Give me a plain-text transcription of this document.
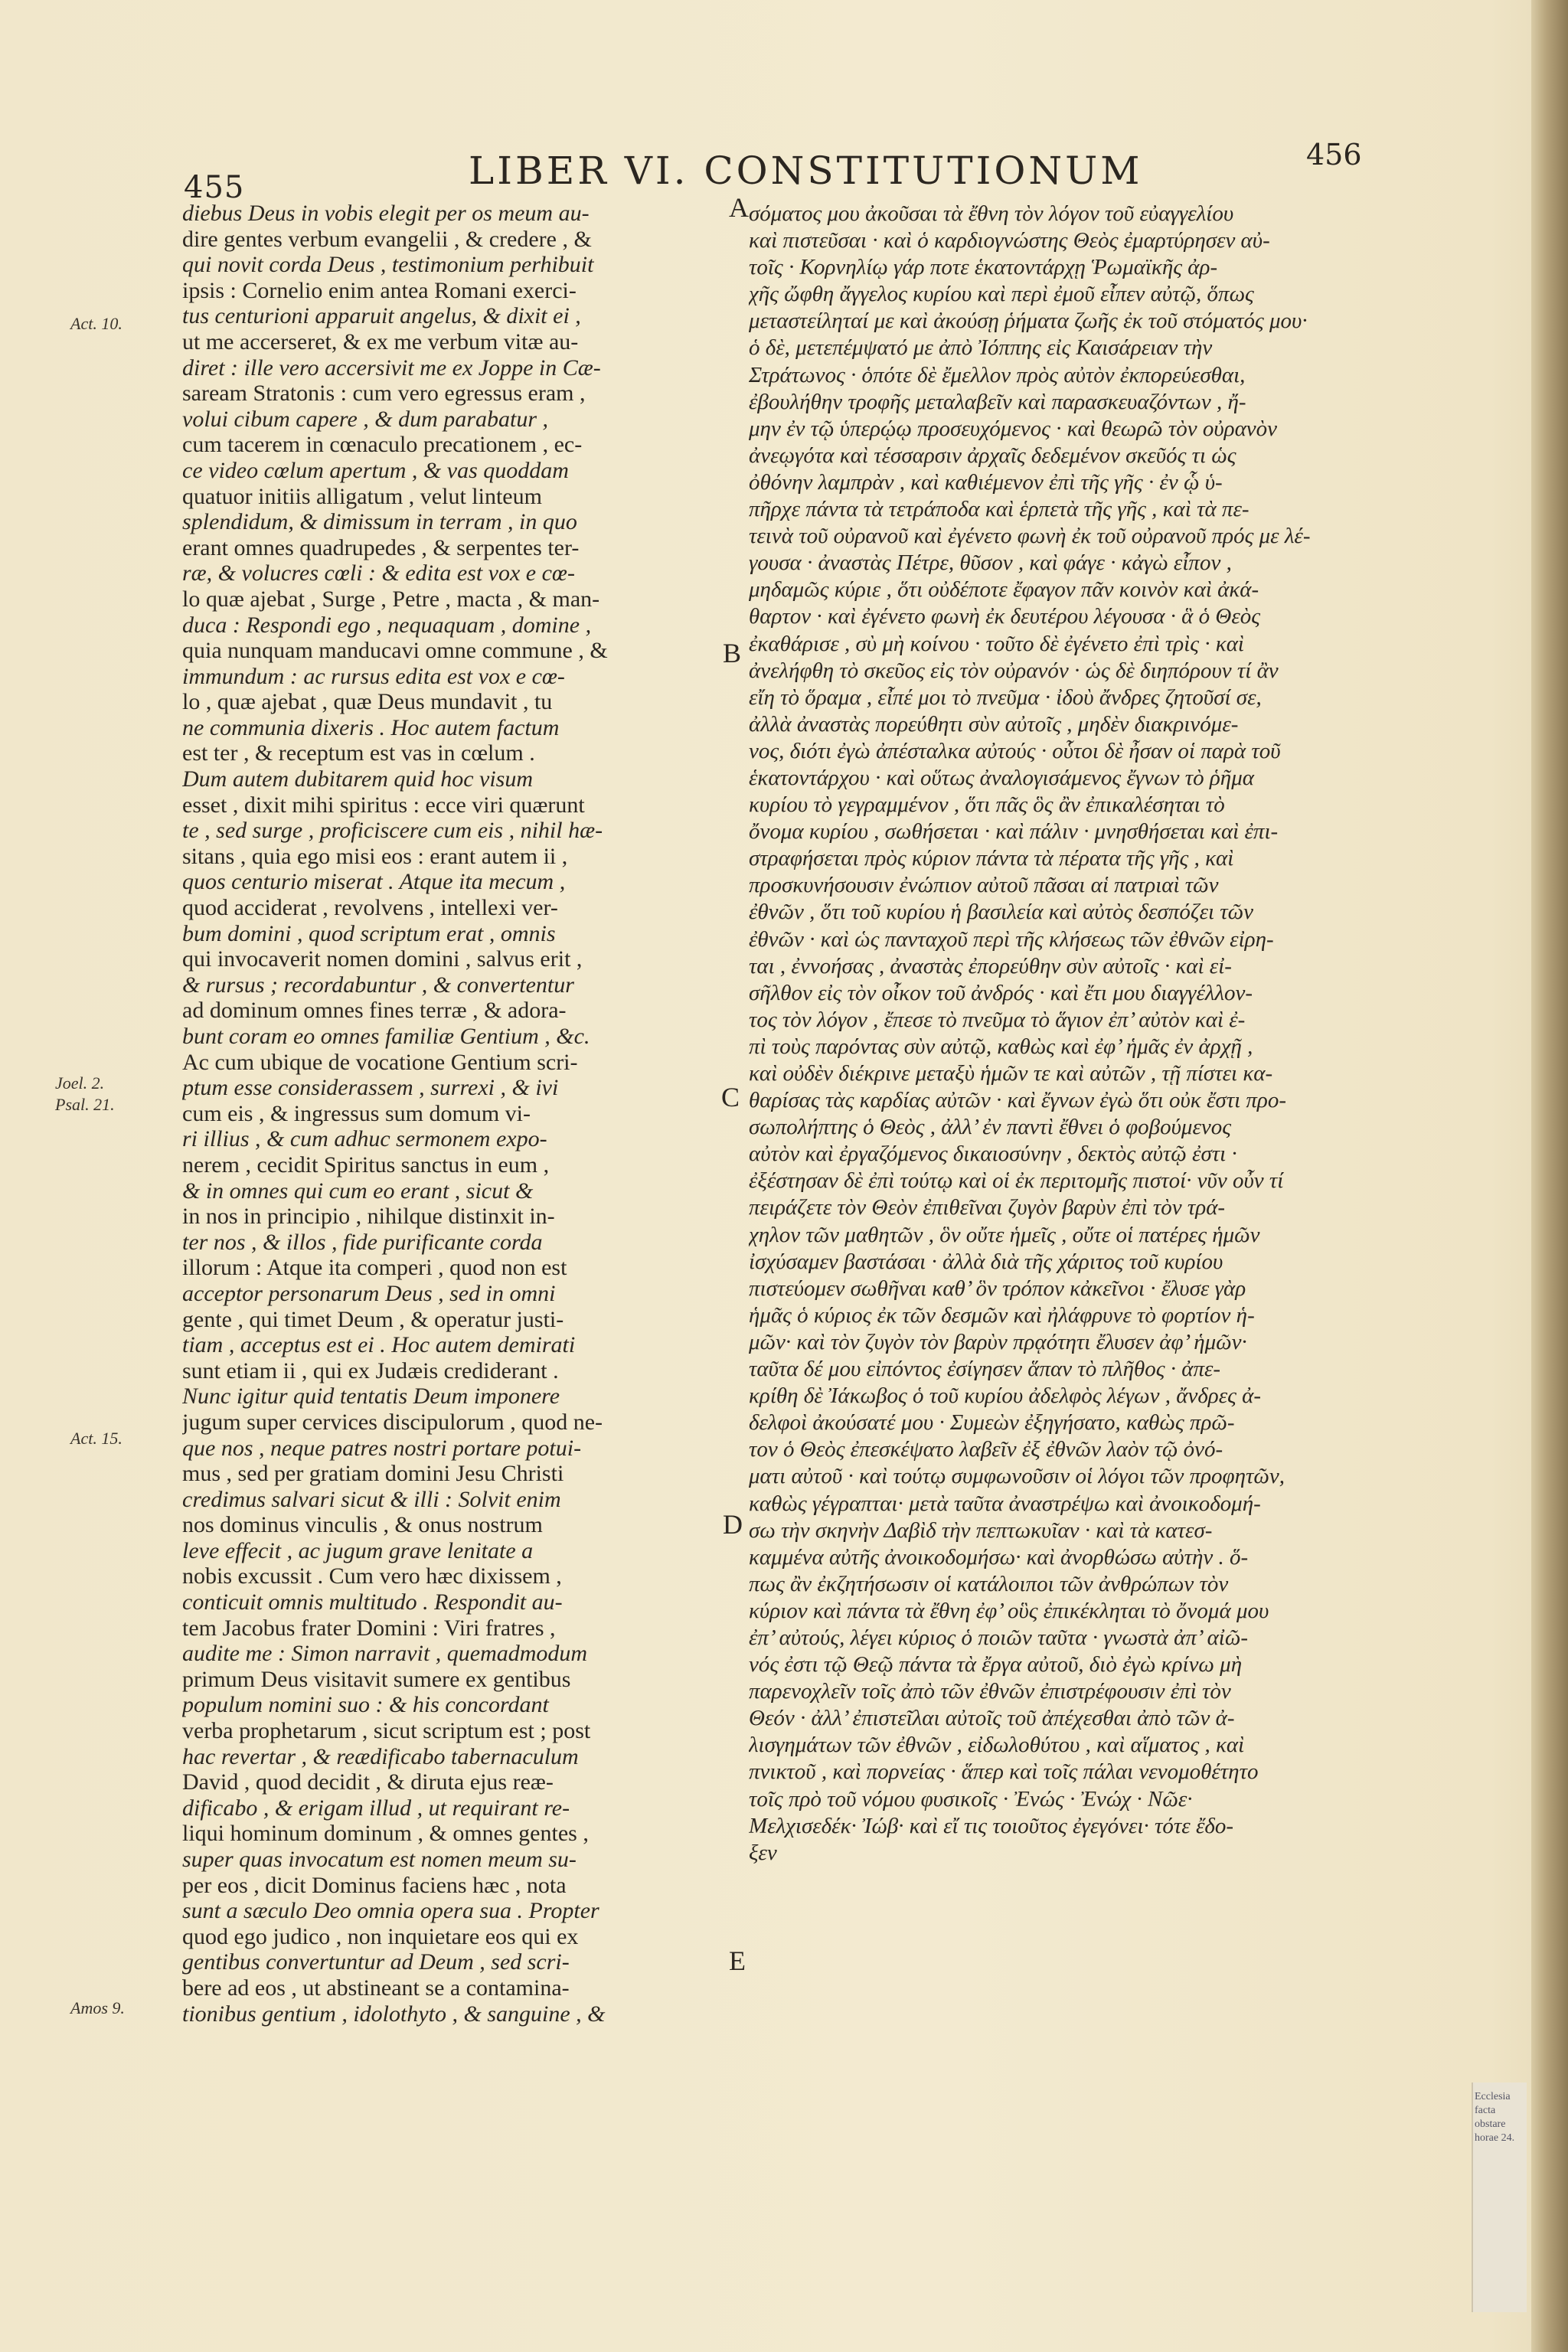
455	LIBER VI. CONSTITUTIONUM	456
Act. 10.
Joel. 2.
Psal. 21.
Act. 15.
Amos 9.
A
B
C
D
E
diebus Deus in vobis elegit per os meum au-
dire gentes verbum evangelii , & credere , &
qui novit corda Deus , testimonium perhibuit
ipsis : Cornelio enim antea Romani exerci-
tus centurioni apparuit angelus, & dixit ei ,
ut me accerseret, & ex me verbum vitæ au-
diret : ille vero accersivit me ex Joppe in Cæ-
saream Stratonis : cum vero egressus eram ,
volui cibum capere , & dum parabatur ,
cum tacerem in cœnaculo precationem , ec-
ce video cœlum apertum , & vas quoddam
quatuor initiis alligatum , velut linteum
splendidum, & dimissum in terram , in quo
erant omnes quadrupedes , & serpentes ter-
ræ, & volucres cœli : & edita est vox e cœ-
lo quæ ajebat , Surge , Petre , macta , & man-
duca : Respondi ego , nequaquam , domine ,
quia nunquam manducavi omne commune , &
immundum : ac rursus edita est vox e cœ-
lo , quæ ajebat , quæ Deus mundavit , tu
ne communia dixeris . Hoc autem factum
est ter , & receptum est vas in cœlum .
Dum autem dubitarem quid hoc visum
esset , dixit mihi spiritus : ecce viri quærunt
te , sed surge , proficiscere cum eis , nihil hæ-
sitans , quia ego misi eos : erant autem ii ,
quos centurio miserat . Atque ita mecum ,
quod acciderat , revolvens , intellexi ver-
bum domini , quod scriptum erat , omnis
qui invocaverit nomen domini , salvus erit ,
& rursus ; recordabuntur , & convertentur
ad dominum omnes fines terræ , & adora-
bunt coram eo omnes familiæ Gentium , &c.
Ac cum ubique de vocatione Gentium scri-
ptum esse considerassem , surrexi , & ivi
cum eis , & ingressus sum domum vi-
ri illius , & cum adhuc sermonem expo-
nerem , cecidit Spiritus sanctus in eum ,
& in omnes qui cum eo erant , sicut &
in nos in principio , nihilque distinxit in-
ter nos , & illos , fide purificante corda
illorum : Atque ita comperi , quod non est
acceptor personarum Deus , sed in omni
gente , qui timet Deum , & operatur justi-
tiam , acceptus est ei . Hoc autem demirati
sunt etiam ii , qui ex Judæis crediderant .
Nunc igitur quid tentatis Deum imponere
jugum super cervices discipulorum , quod ne-
que nos , neque patres nostri portare potui-
mus , sed per gratiam domini Jesu Christi
credimus salvari sicut & illi : Solvit enim
nos dominus vinculis , & onus nostrum
leve effecit , ac jugum grave lenitate a
nobis excussit . Cum vero hæc dixissem ,
conticuit omnis multitudo . Respondit au-
tem Jacobus frater Domini : Viri fratres ,
audite me : Simon narravit , quemadmodum
primum Deus visitavit sumere ex gentibus
populum nomini suo : & his concordant
verba prophetarum , sicut scriptum est ; post
hac revertar , & reædificabo tabernaculum
David , quod decidit , & diruta ejus reæ-
dificabo , & erigam illud , ut requirant re-
liqui hominum dominum , & omnes gentes ,
super quas invocatum est nomen meum su-
per eos , dicit Dominus faciens hæc , nota
sunt a sæculo Deo omnia opera sua . Propter
quod ego judico , non inquietare eos qui ex
gentibus convertuntur ad Deum , sed scri-
bere ad eos , ut abstineant se a contamina-
tionibus gentium , idolothyto , & sanguine , &
σόματος μου ἀκοῦσαι τὰ ἔθνη τὸν λόγον τοῦ εὐαγγελίου
καὶ πιστεῦσαι · καὶ ὁ καρδιογνώστης Θεὸς ἐμαρτύρησεν αὐ-
τοῖς · Κορνηλίῳ γάρ ποτε ἑκατοντάρχῃ Ῥωμαϊκῆς ἀρ-
χῆς ὤφθη ἄγγελος κυρίου καὶ περὶ ἐμοῦ εἶπεν αὐτῷ, ὅπως
μεταστείληταί με καὶ ἀκούσῃ ῥήματα ζωῆς ἐκ τοῦ στόματός μου·
ὁ δὲ, μετεπέμψατό με ἀπὸ Ἰόππης εἰς Καισάρειαν τὴν
Στράτωνος · ὁπότε δὲ ἔμελλον πρὸς αὐτὸν ἐκπορεύεσθαι,
ἐβουλήθην τροφῆς μεταλαβεῖν καὶ παρασκευαζόντων , ἤ-
μην ἐν τῷ ὑπερῴῳ προσευχόμενος · καὶ θεωρῶ τὸν οὐρανὸν
ἀνεῳγότα καὶ τέσσαρσιν ἀρχαῖς δεδεμένον σκεῦός τι ὡς
ὀθόνην λαμπρὰν , καὶ καθιέμενον ἐπὶ τῆς γῆς · ἐν ᾧ ὑ-
πῆρχε πάντα τὰ τετράποδα καὶ ἑρπετὰ τῆς γῆς , καὶ τὰ πε-
τεινὰ τοῦ οὐρανοῦ καὶ ἐγένετο φωνὴ ἐκ τοῦ οὐρανοῦ πρός με λέ-
γουσα · ἀναστὰς Πέτρε, θῦσον , καὶ φάγε · κἀγὼ εἶπον ,
μηδαμῶς κύριε , ὅτι οὐδέποτε ἔφαγον πᾶν κοινὸν καὶ ἀκά-
θαρτον · καὶ ἐγένετο φωνὴ ἐκ δευτέρου λέγουσα · ἃ ὁ Θεὸς
ἐκαθάρισε , σὺ μὴ κοίνου · τοῦτο δὲ ἐγένετο ἐπὶ τρὶς · καὶ
ἀνελήφθη τὸ σκεῦος εἰς τὸν οὐρανόν · ὡς δὲ διηπόρουν τί ἂν
εἴη τὸ ὅραμα , εἶπέ μοι τὸ πνεῦμα · ἰδοὺ ἄνδρες ζητοῦσί σε,
ἀλλὰ ἀναστὰς πορεύθητι σὺν αὐτοῖς , μηδὲν διακρινόμε-
νος, διότι ἐγὼ ἀπέσταλκα αὐτούς · οὗτοι δὲ ἦσαν οἱ παρὰ τοῦ
ἑκατοντάρχου · καὶ οὕτως ἀναλογισάμενος ἔγνων τὸ ῥῆμα
κυρίου τὸ γεγραμμένον , ὅτι πᾶς ὃς ἂν ἐπικαλέσηται τὸ
ὄνομα κυρίου , σωθήσεται · καὶ πάλιν · μνησθήσεται καὶ ἐπι-
στραφήσεται πρὸς κύριον πάντα τὰ πέρατα τῆς γῆς , καὶ
προσκυνήσουσιν ἐνώπιον αὐτοῦ πᾶσαι αἱ πατριαὶ τῶν
ἐθνῶν , ὅτι τοῦ κυρίου ἡ βασιλεία καὶ αὐτὸς δεσπόζει τῶν
ἐθνῶν · καὶ ὡς πανταχοῦ περὶ τῆς κλήσεως τῶν ἐθνῶν εἰρη-
ται , ἐννοήσας , ἀναστὰς ἐπορεύθην σὺν αὐτοῖς · καὶ εἰ-
σῆλθον εἰς τὸν οἶκον τοῦ ἀνδρός · καὶ ἔτι μου διαγγέλλον-
τος τὸν λόγον , ἔπεσε τὸ πνεῦμα τὸ ἅγιον ἐπ’ αὐτὸν καὶ ἐ-
πὶ τοὺς παρόντας σὺν αὐτῷ, καθὼς καὶ ἐφ’ ἡμᾶς ἐν ἀρχῇ ,
καὶ οὐδὲν διέκρινε μεταξὺ ἡμῶν τε καὶ αὐτῶν , τῇ πίστει κα-
θαρίσας τὰς καρδίας αὐτῶν · καὶ ἔγνων ἐγὼ ὅτι οὐκ ἔστι προ-
σωπολήπτης ὁ Θεὸς , ἀλλ’ ἐν παντὶ ἔθνει ὁ φοβούμενος
αὐτὸν καὶ ἐργαζόμενος δικαιοσύνην , δεκτὸς αὐτῷ ἐστι ·
ἐξέστησαν δὲ ἐπὶ τούτῳ καὶ οἱ ἐκ περιτομῆς πιστοί· νῦν οὖν τί
πειράζετε τὸν Θεὸν ἐπιθεῖναι ζυγὸν βαρὺν ἐπὶ τὸν τρά-
χηλον τῶν μαθητῶν , ὃν οὔτε ἡμεῖς , οὔτε οἱ πατέρες ἡμῶν
ἰσχύσαμεν βαστάσαι · ἀλλὰ διὰ τῆς χάριτος τοῦ κυρίου
πιστεύομεν σωθῆναι καθ’ ὃν τρόπον κἀκεῖνοι · ἔλυσε γὰρ
ἡμᾶς ὁ κύριος ἐκ τῶν δεσμῶν καὶ ἠλάφρυνε τὸ φορτίον ἡ-
μῶν· καὶ τὸν ζυγὸν τὸν βαρὺν πρᾳότητι ἔλυσεν ἀφ’ ἡμῶν·
ταῦτα δέ μου εἰπόντος ἐσίγησεν ἅπαν τὸ πλῆθος · ἀπε-
κρίθη δὲ Ἰάκωβος ὁ τοῦ κυρίου ἀδελφὸς λέγων , ἄνδρες ἀ-
δελφοὶ ἀκούσατέ μου · Συμεὼν ἐξηγήσατο, καθὼς πρῶ-
τον ὁ Θεὸς ἐπεσκέψατο λαβεῖν ἐξ ἐθνῶν λαὸν τῷ ὀνό-
ματι αὐτοῦ · καὶ τούτῳ συμφωνοῦσιν οἱ λόγοι τῶν προφητῶν,
καθὼς γέγραπται· μετὰ ταῦτα ἀναστρέψω καὶ ἀνοικοδομή-
σω τὴν σκηνὴν Δαβὶδ τὴν πεπτωκυῖαν · καὶ τὰ κατεσ-
καμμένα αὐτῆς ἀνοικοδομήσω· καὶ ἀνορθώσω αὐτὴν . ὅ-
πως ἂν ἐκζητήσωσιν οἱ κατάλοιποι τῶν ἀνθρώπων τὸν
κύριον καὶ πάντα τὰ ἔθνη ἐφ’ οὓς ἐπικέκληται τὸ ὄνομά μου
ἐπ’ αὐτούς, λέγει κύριος ὁ ποιῶν ταῦτα · γνωστὰ ἀπ’ αἰῶ-
νός ἐστι τῷ Θεῷ πάντα τὰ ἔργα αὐτοῦ, διὸ ἐγὼ κρίνω μὴ
παρενοχλεῖν τοῖς ἀπὸ τῶν ἐθνῶν ἐπιστρέφουσιν ἐπὶ τὸν
Θεόν · ἀλλ’ ἐπιστεῖλαι αὐτοῖς τοῦ ἀπέχεσθαι ἀπὸ τῶν ἀ-
λισγημάτων τῶν ἐθνῶν , εἰδωλοθύτου , καὶ αἵματος , καὶ
πνικτοῦ , καὶ πορνείας · ἅπερ καὶ τοῖς πάλαι νενομοθέτητο
τοῖς πρὸ τοῦ νόμου φυσικοῖς · Ἐνώς · Ἐνώχ · Νῶε·
Μελχισεδέκ· Ἰώβ· καὶ εἴ τις τοιοῦτος ἐγεγόνει· τότε ἔδο-
ξεν
Ecclesia facta obstare horae 24.
